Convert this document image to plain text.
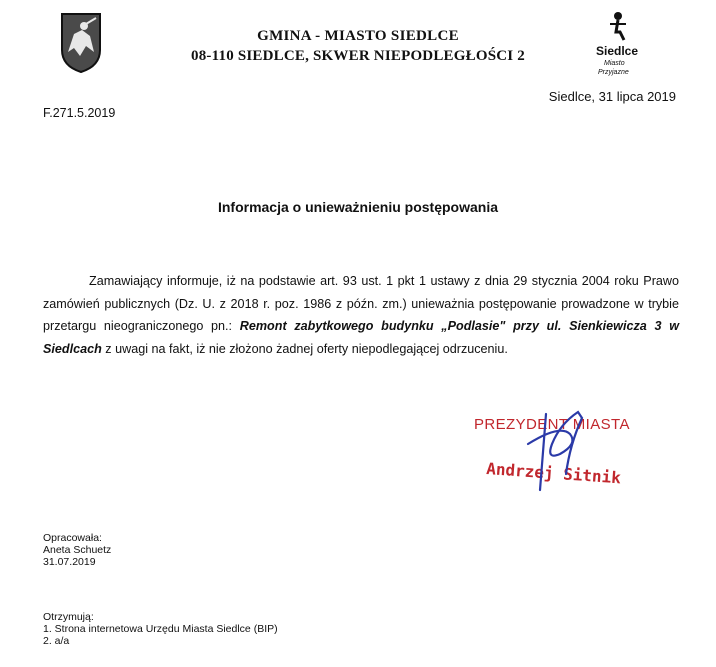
GMINA - MIASTO SIEDLCE
08-110 SIEDLCE, SKWER NIEPODLEGŁOŚCI 2	Siedlce
Miasto
Przyjazne
Siedlce, 31 lipca 2019
F.271.5.2019
Informacja o unieważnieniu postępowania
Zamawiający informuje, iż na podstawie art. 93 ust. 1 pkt 1 ustawy z dnia 29 stycznia 2004 roku Prawo zamówień publicznych (Dz. U. z 2018 r. poz. 1986 z późn. zm.) unieważnia postępowanie prowadzone w trybie przetargu nieograniczonego pn.: Remont zabytkowego budynku „Podlasie" przy ul. Sienkiewicza 3 w Siedlcach z uwagi na fakt, iż nie złożono żadnej oferty niepodlegającej odrzuceniu.
PREZYDENT MIASTA
Andrzej Sitnik
Opracowała:
Aneta Schuetz
31.07.2019
Otrzymują:
1. Strona internetowa Urzędu Miasta Siedlce (BIP)
2. a/a
